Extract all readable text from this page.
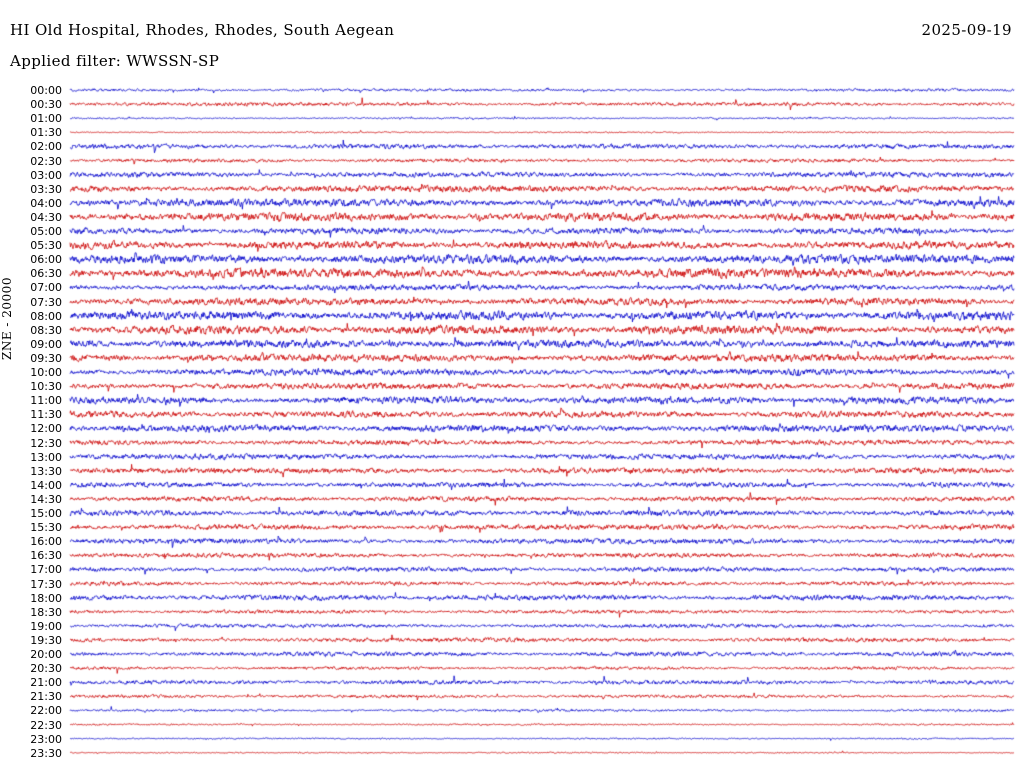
HI Old Hospital, Rhodes, Rhodes, South Aegean	2025-09-19
Applied filter: WWSSN-SP
00:00
00:30
01:00
01:30
02:00
02:30
03:00
03:30
04:00
04:30
05:00
05:30
06:00
06:30
07:00
07:30
08:00
08:30
09:00
09:30
10:00
10:30
11:00
11:30
12:00
12:30
13:00
13:30
14:00
14:30
15:00
15:30
16:00
16:30
17:00
17:30
18:00
18:30
19:00
19:30
20:00
20:30
21:00
21:30
22:00
22:30
23:00
23:30
